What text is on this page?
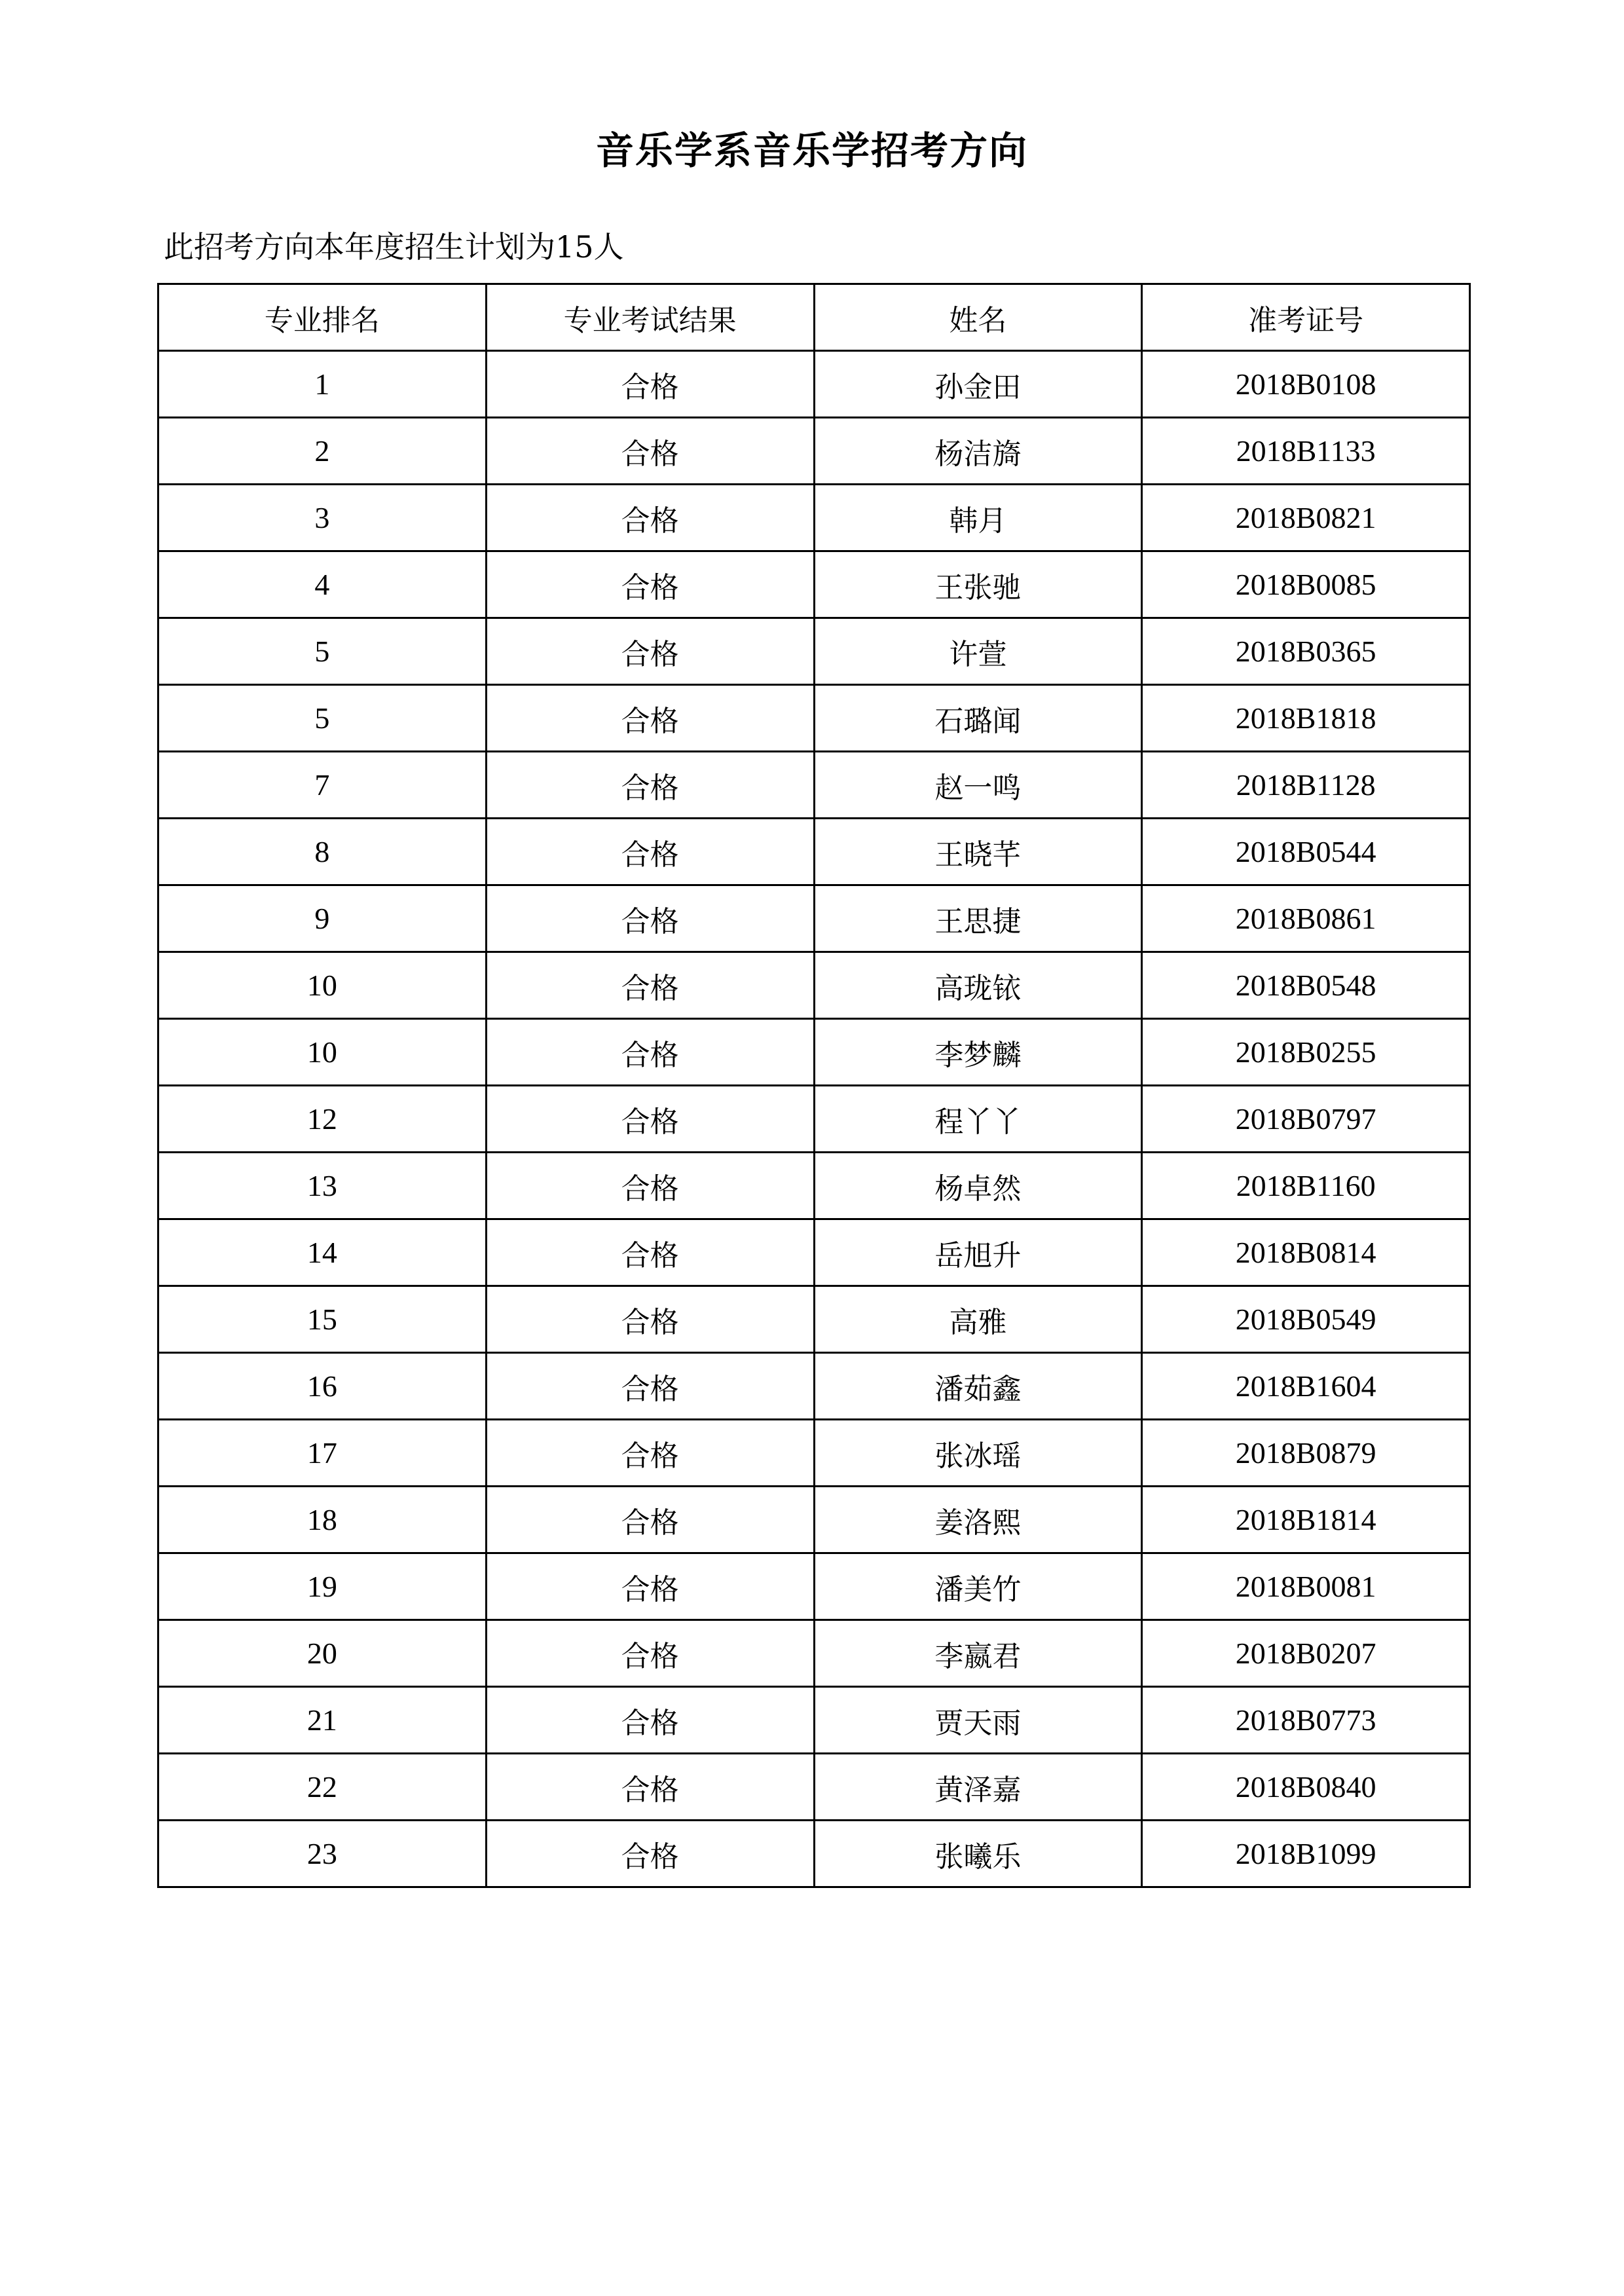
音乐学系音乐学招考方向
此招考方向本年度招生计划为15人
专业排名	专业考试结果	姓名	准考证号
1	合格	孙金田	2018B0108
2	合格	杨洁旖	2018B1133
3	合格	韩月	2018B0821
4	合格	王张驰	2018B0085
5	合格	许萱	2018B0365
5	合格	石璐闻	2018B1818
7	合格	赵一鸣	2018B1128
8	合格	王晓芊	2018B0544
9	合格	王思捷	2018B0861
10	合格	高珑铱	2018B0548
10	合格	李梦麟	2018B0255
12	合格	程丫丫	2018B0797
13	合格	杨卓然	2018B1160
14	合格	岳旭升	2018B0814
15	合格	高雅	2018B0549
16	合格	潘茹鑫	2018B1604
17	合格	张冰瑶	2018B0879
18	合格	姜洛熙	2018B1814
19	合格	潘美竹	2018B0081
20	合格	李嬴君	2018B0207
21	合格	贾天雨	2018B0773
22	合格	黄泽嘉	2018B0840
23	合格	张曦乐	2018B1099
